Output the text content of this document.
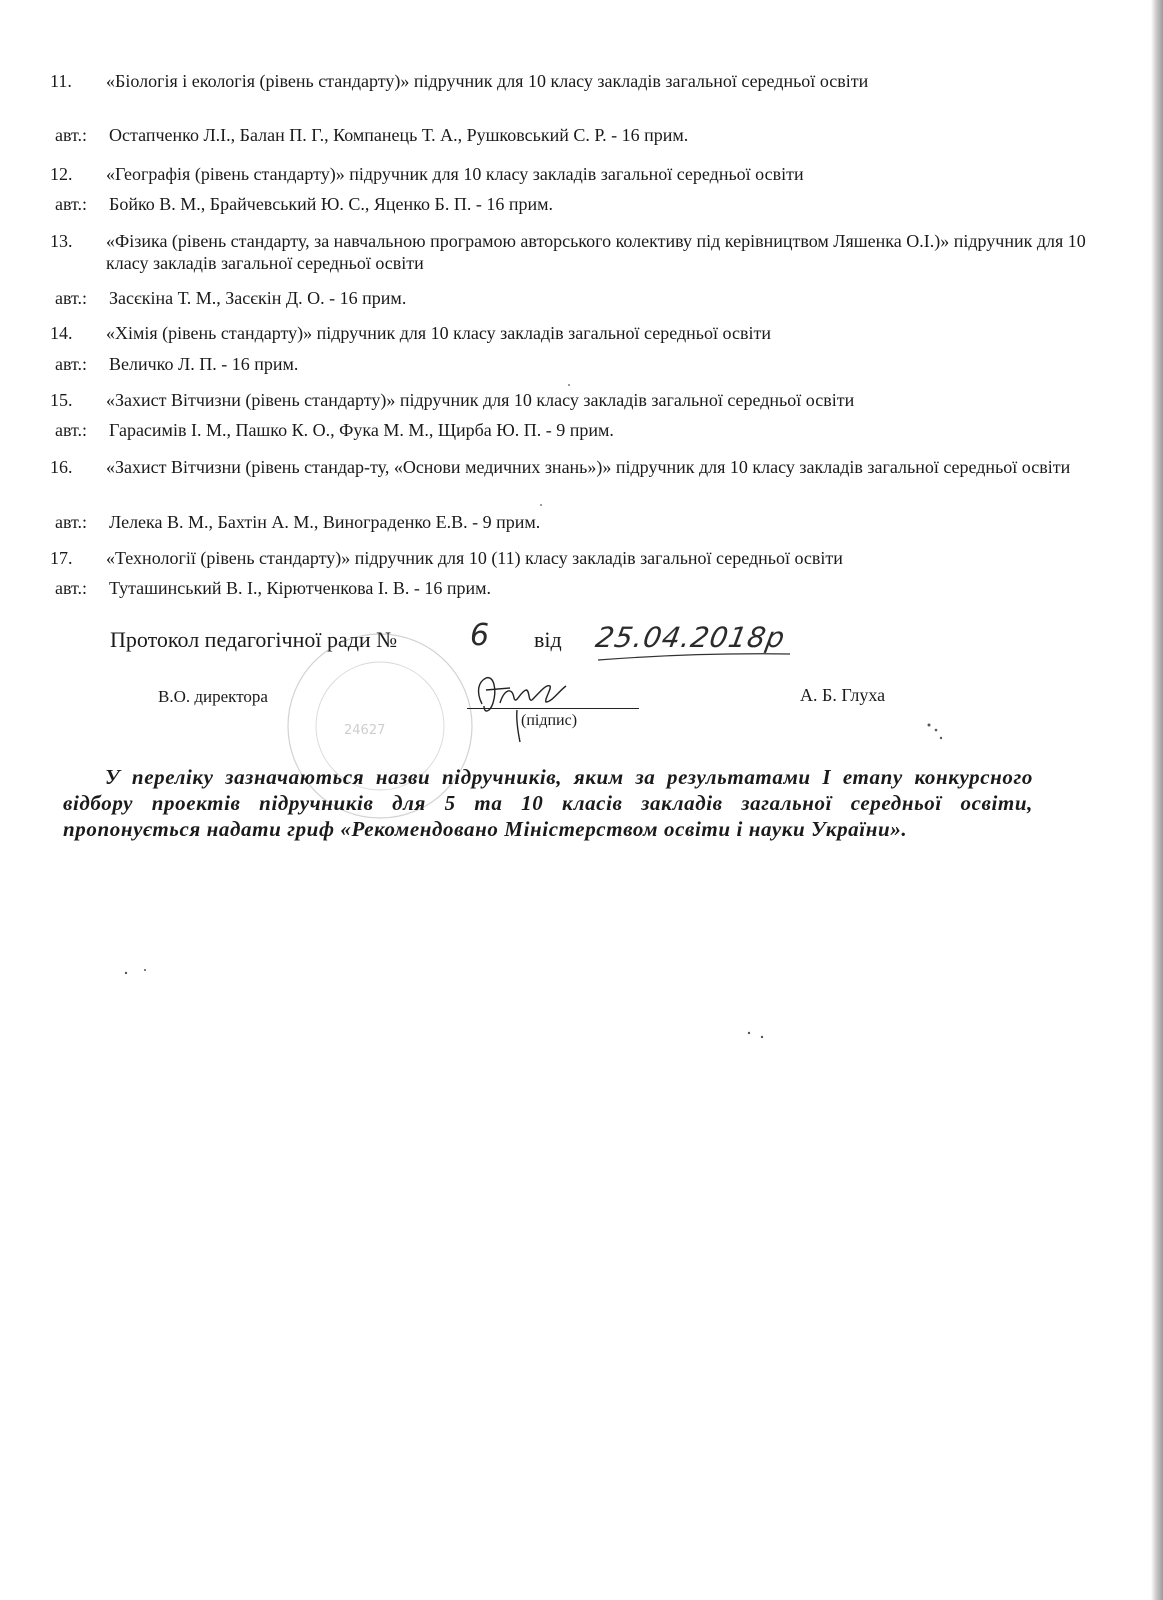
11. «Біологія і екологія (рівень стандарту)» підручник для 10 класу закладів загальної середньої освіти
авт.: Остапченко Л.І., Балан П. Г., Компанець Т. А., Рушковський С. Р. - 16 прим.
12. «Географія (рівень стандарту)» підручник для 10 класу закладів загальної середньої освіти
авт.: Бойко В. М., Брайчевський Ю. С., Яценко Б. П. - 16 прим.
13. «Фізика (рівень стандарту, за навчальною програмою авторського колективу під керівництвом Ляшенка О.І.)» підручник для 10 класу закладів загальної середньої освіти
авт.: Засєкіна Т. М., Засєкін Д. О. - 16 прим.
14. «Хімія (рівень стандарту)» підручник для 10 класу закладів загальної середньої освіти
авт.: Величко Л. П. - 16 прим.
15. «Захист Вітчизни (рівень стандарту)» підручник для 10 класу закладів загальної середньої освіти
авт.: Гарасимів І. М., Пашко К. О., Фука М. М., Щирба Ю. П. - 9 прим.
16. «Захист Вітчизни (рівень стандар-ту, «Основи медичних знань»)» підручник для 10 класу закладів загальної середньої освіти
авт.: Лелека В. М., Бахтін А. М., Винограденко Е.В. - 9 прим.
17. «Технології (рівень стандарту)» підручник для 10 (11) класу закладів загальної середньої освіти
авт.: Туташинський В. І., Кірютченкова І. В. - 16 прим.
Протокол педагогічної ради № 6 від 25.04.2018р
24627
В.О. директора
(підпис)
А. Б. Глуха
У переліку зазначаються назви підручників, яким за результатами І етапу конкурсного відбору проектів підручників для 5 та 10 класів закладів загальної середньої освіти, пропонується надати гриф «Рекомендовано Міністерством освіти і науки України».
